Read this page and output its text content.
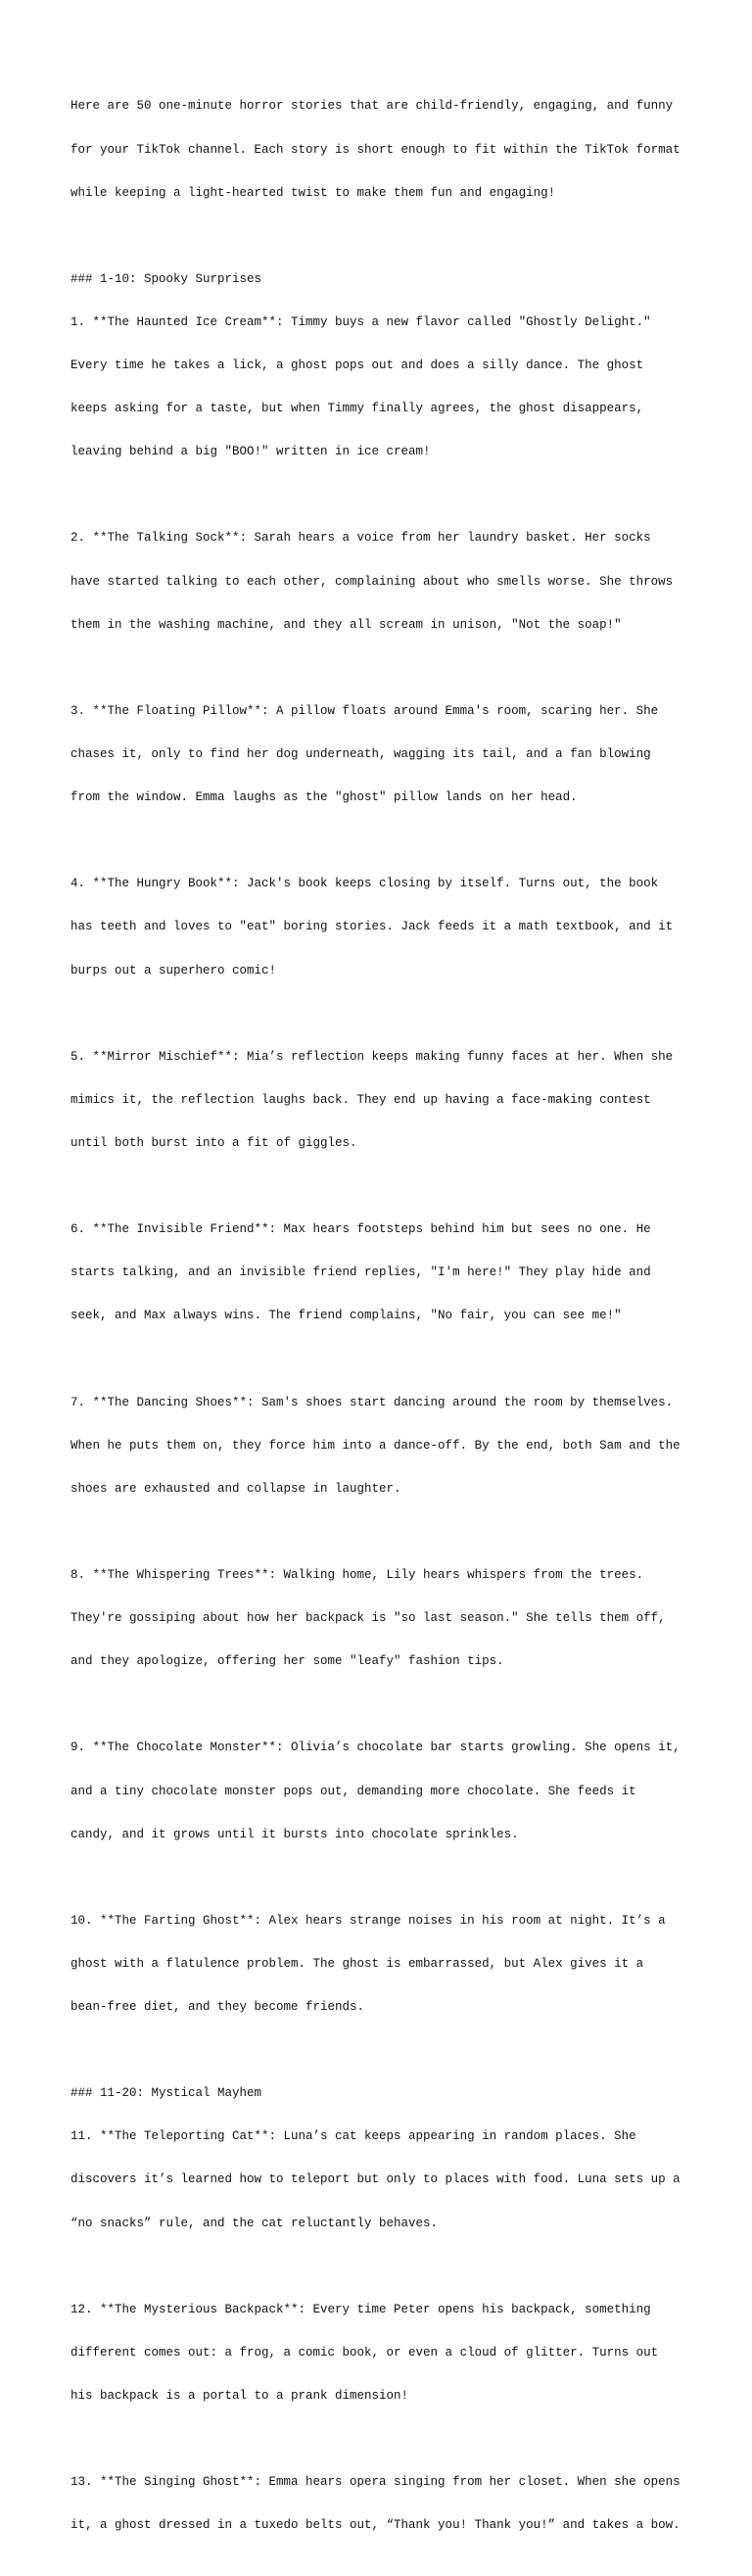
Here are 50 one-minute horror stories that are child-friendly, engaging, and funny

for your TikTok channel. Each story is short enough to fit within the TikTok format

while keeping a light-hearted twist to make them fun and engaging!

### 1-10: Spooky Surprises

1. **The Haunted Ice Cream**: Timmy buys a new flavor called "Ghostly Delight."

Every time he takes a lick, a ghost pops out and does a silly dance. The ghost

keeps asking for a taste, but when Timmy finally agrees, the ghost disappears,

leaving behind a big "BOO!" written in ice cream!

2. **The Talking Sock**: Sarah hears a voice from her laundry basket. Her socks

have started talking to each other, complaining about who smells worse. She throws

them in the washing machine, and they all scream in unison, "Not the soap!"

3. **The Floating Pillow**: A pillow floats around Emma's room, scaring her. She

chases it, only to find her dog underneath, wagging its tail, and a fan blowing

from the window. Emma laughs as the "ghost" pillow lands on her head.

4. **The Hungry Book**: Jack's book keeps closing by itself. Turns out, the book

has teeth and loves to "eat" boring stories. Jack feeds it a math textbook, and it

burps out a superhero comic!

5. **Mirror Mischief**: Mia’s reflection keeps making funny faces at her. When she

mimics it, the reflection laughs back. They end up having a face-making contest

until both burst into a fit of giggles.

6. **The Invisible Friend**: Max hears footsteps behind him but sees no one. He

starts talking, and an invisible friend replies, "I'm here!" They play hide and

seek, and Max always wins. The friend complains, "No fair, you can see me!"

7. **The Dancing Shoes**: Sam's shoes start dancing around the room by themselves.

When he puts them on, they force him into a dance-off. By the end, both Sam and the

shoes are exhausted and collapse in laughter.

8. **The Whispering Trees**: Walking home, Lily hears whispers from the trees.

They're gossiping about how her backpack is "so last season." She tells them off,

and they apologize, offering her some "leafy" fashion tips.

9. **The Chocolate Monster**: Olivia’s chocolate bar starts growling. She opens it,

and a tiny chocolate monster pops out, demanding more chocolate. She feeds it

candy, and it grows until it bursts into chocolate sprinkles.

10. **The Farting Ghost**: Alex hears strange noises in his room at night. It’s a

ghost with a flatulence problem. The ghost is embarrassed, but Alex gives it a

bean-free diet, and they become friends.

### 11-20: Mystical Mayhem

11. **The Teleporting Cat**: Luna’s cat keeps appearing in random places. She

discovers it’s learned how to teleport but only to places with food. Luna sets up a

“no snacks” rule, and the cat reluctantly behaves.

12. **The Mysterious Backpack**: Every time Peter opens his backpack, something

different comes out: a frog, a comic book, or even a cloud of glitter. Turns out

his backpack is a portal to a prank dimension!

13. **The Singing Ghost**: Emma hears opera singing from her closet. When she opens

it, a ghost dressed in a tuxedo belts out, “Thank you! Thank you!” and takes a bow.
